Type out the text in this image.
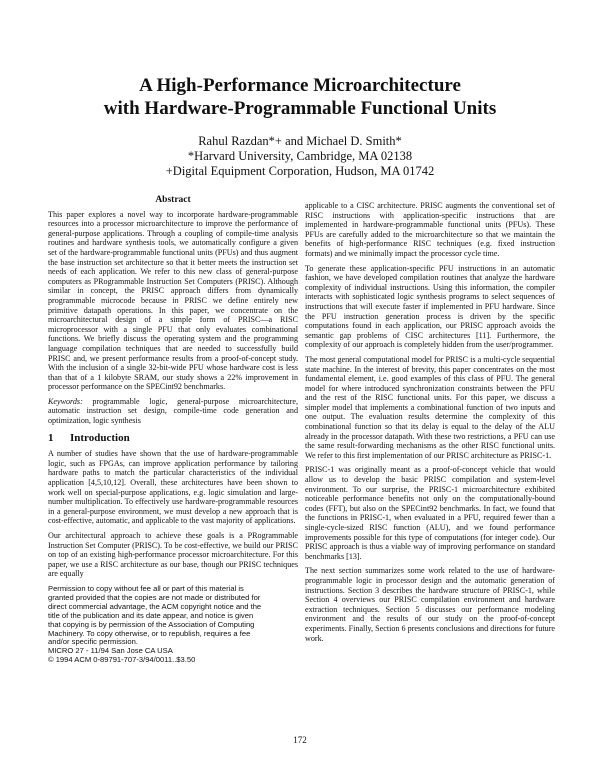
A High-Performance Microarchitecture
with Hardware-Programmable Functional Units
Rahul Razdan*+ and Michael D. Smith*
*Harvard University, Cambridge, MA 02138
+Digital Equipment Corporation, Hudson, MA 01742
Abstract

This paper explores a novel way to incorporate hardware-programmable resources into a processor microarchitecture to improve the performance of general-purpose applications. Through a coupling of compile-time analysis routines and hardware synthesis tools, we automatically configure a given set of the hardware-programmable functional units (PFUs) and thus augment the base instruction set architecture so that it better meets the instruction set needs of each application. We refer to this new class of general-purpose computers as PRogrammable Instruction Set Computers (PRISC). Although similar in concept, the PRISC approach differs from dynamically programmable microcode because in PRISC we define entirely new primitive datapath operations. In this paper, we concentrate on the microarchitectural design of a simple form of PRISC—a RISC microprocessor with a single PFU that only evaluates combinational functions. We briefly discuss the operating system and the programming language compilation techniques that are needed to successfully build PRISC and, we present performance results from a proof-of-concept study. With the inclusion of a single 32-bit-wide PFU whose hardware cost is less than that of a 1 kilobyte SRAM, our study shows a 22% improvement in processor performance on the SPECint92 benchmarks.

Keywords: programmable logic, general-purpose microarchitecture, automatic instruction set design, compile-time code generation and optimization, logic synthesis

1 Introduction

A number of studies have shown that the use of hardware-programmable logic, such as FPGAs, can improve application performance by tailoring hardware paths to match the particular characteristics of the individual application [4,5,10,12]. Overall, these architectures have been shown to work well on special-purpose applications, e.g. logic simulation and large-number multiplication. To effectively use hardware-programmable resources in a general-purpose environment, we must develop a new approach that is cost-effective, automatic, and applicable to the vast majority of applications.

Our architectural approach to achieve these goals is a PRogrammable Instruction Set Computer (PRISC). To be cost-effective, we build our PRISC on top of an existing high-performance processor microarchitecture. For this paper, we use a RISC architecture as our base, though our PRISC techniques are equally

Permission to copy without fee all or part of this material is
granted provided that the copies are not made or distributed for
direct commercial advantage, the ACM copyright notice and the
title of the publication and its date appear, and notice is given
that copying is by permission of the Association of Computing
Machinery. To copy otherwise, or to republish, requires a fee
and/or specific permission.
MICRO 27 - 11/94 San Jose CA USA
© 1994 ACM 0-89791-707-3/94/0011..$3.50

applicable to a CISC architecture. PRISC augments the conventional set of RISC instructions with application-specific instructions that are implemented in hardware-programmable functional units (PFUs). These PFUs are carefully added to the microarchitecture so that we maintain the benefits of high-performance RISC techniques (e.g. fixed instruction formats) and we minimally impact the processor cycle time.

To generate these application-specific PFU instructions in an automatic fashion, we have developed compilation routines that analyze the hardware complexity of individual instructions. Using this information, the compiler interacts with sophisticated logic synthesis programs to select sequences of instructions that will execute faster if implemented in PFU hardware. Since the PFU instruction generation process is driven by the specific computations found in each application, our PRISC approach avoids the semantic gap problems of CISC architectures [11]. Furthermore, the complexity of our approach is completely hidden from the user/programmer.

The most general computational model for PRISC is a multi-cycle sequential state machine. In the interest of brevity, this paper concentrates on the most fundamental element, i.e. good examples of this class of PFU. The general model for where introduced synchronization constraints between the PFU and the rest of the RISC functional units. For this paper, we discuss a simpler model that implements a combinational function of two inputs and one output. The evaluation results determine the complexity of this combinational function so that its delay is equal to the delay of the ALU already in the processor datapath. With these two restrictions, a PFU can use the same result-forwarding mechanisms as the other RISC functional units. We refer to this first implementation of our PRISC architecture as PRISC-1.

PRISC-1 was originally meant as a proof-of-concept vehicle that would allow us to develop the basic PRISC compilation and system-level environment. To our surprise, the PRISC-1 microarchitecture exhibited noticeable performance benefits not only on the computationally-bound codes (FFT), but also on the SPECint92 benchmarks. In fact, we found that the functions in PRISC-1, when evaluated in a PFU, required fewer than a single-cycle-sized RISC function (ALU), and we found performance improvements possible for this type of computations (for integer code). Our PRISC approach is thus a viable way of improving performance on standard benchmarks [13].

The next section summarizes some work related to the use of hardware-programmable logic in processor design and the automatic generation of instructions. Section 3 describes the hardware structure of PRISC-1, while Section 4 overviews our PRISC compilation environment and hardware extraction techniques. Section 5 discusses our performance modeling environment and the results of our study on the proof-of-concept experiments. Finally, Section 6 presents conclusions and directions for future work.

172
